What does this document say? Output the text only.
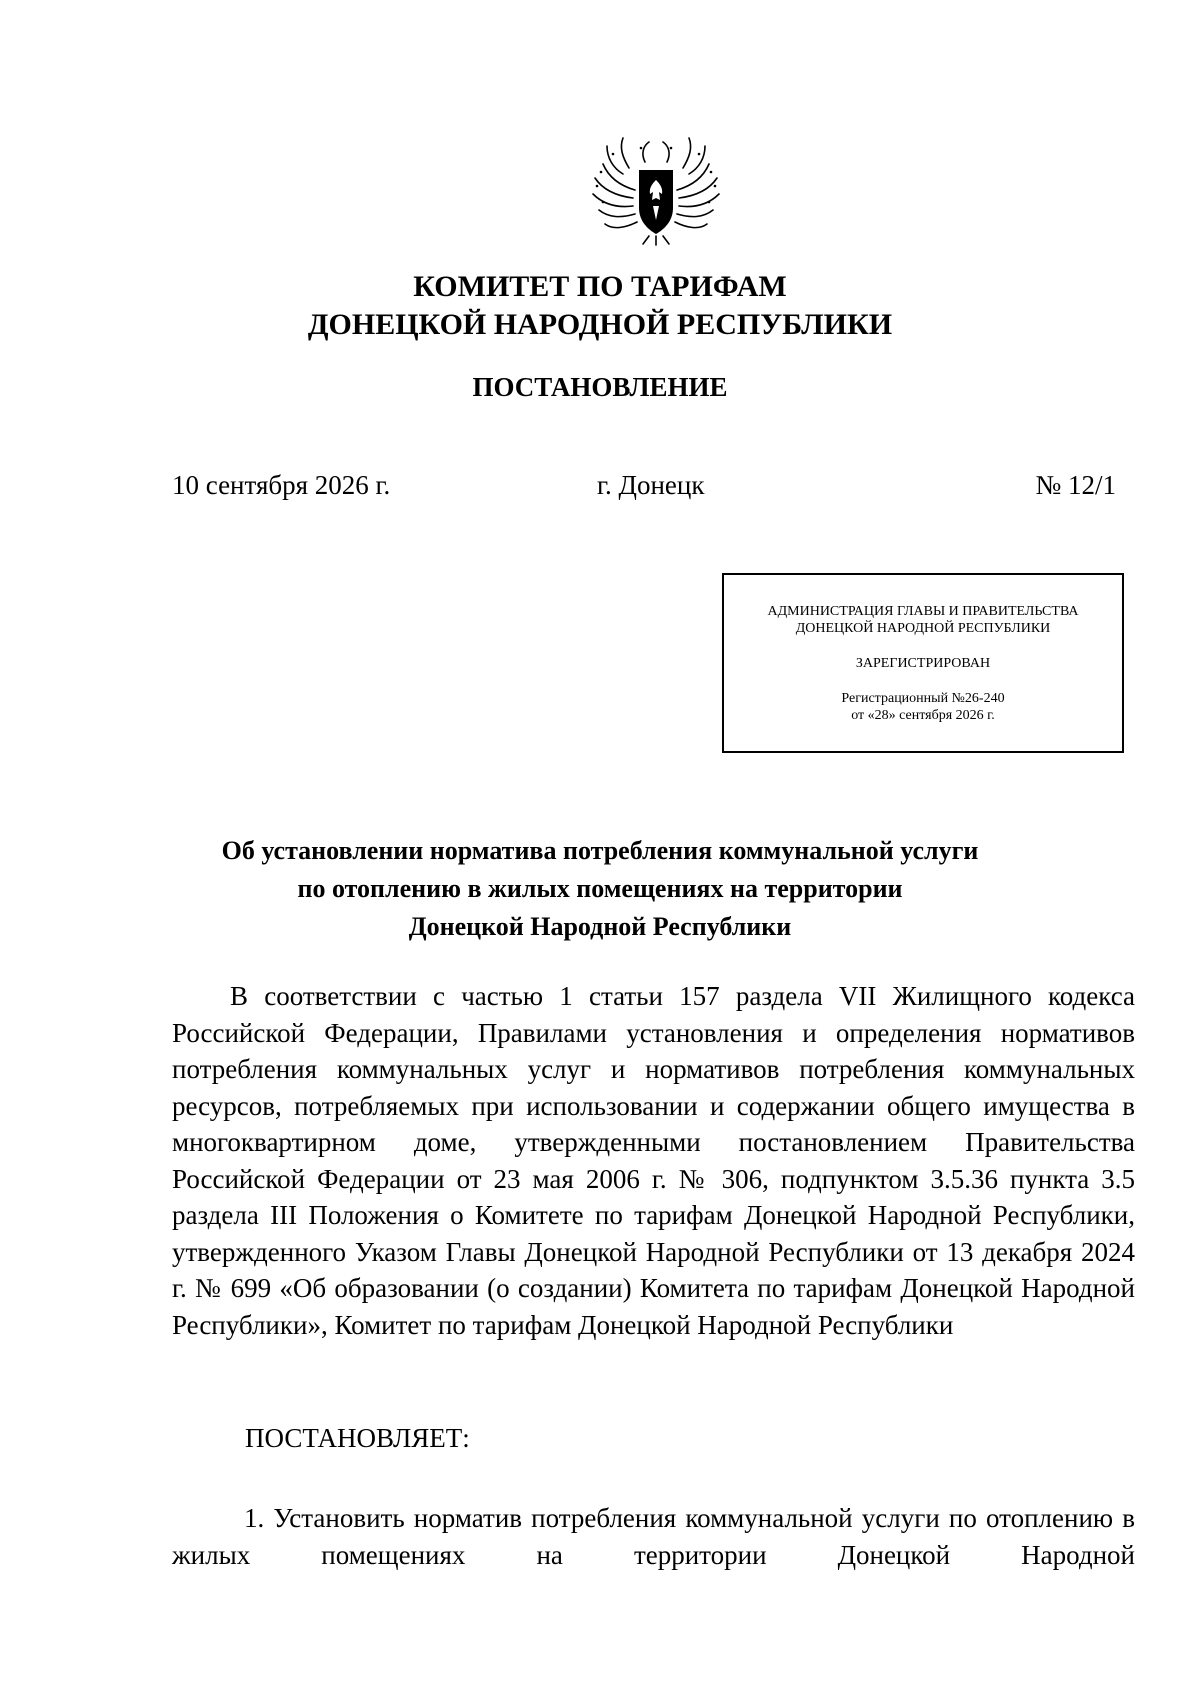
КОМИТЕТ ПО ТАРИФАМ
ДОНЕЦКОЙ НАРОДНОЙ РЕСПУБЛИКИ
ПОСТАНОВЛЕНИЕ
10 сентября 2026 г.	г. Донецк	№ 12/1
АДМИНИСТРАЦИЯ ГЛАВЫ И ПРАВИТЕЛЬСТВА
ДОНЕЦКОЙ НАРОДНОЙ РЕСПУБЛИКИ
ЗАРЕГИСТРИРОВАН
Регистрационный №26-240
от «28» сентября 2026 г.
Об установлении норматива потребления коммунальной услуги
по отоплению в жилых помещениях на территории
Донецкой Народной Республики

В соответствии с частью 1 статьи 157 раздела VII Жилищного кодекса Российской Федерации, Правилами установления и определения нормативов потребления коммунальных услуг и нормативов потребления коммунальных ресурсов, потребляемых при использовании и содержании общего имущества в многоквартирном доме, утвержденными постановлением Правительства Российской Федерации от 23 мая 2006 г. № 306, подпунктом 3.5.36 пункта 3.5 раздела III Положения о Комитете по тарифам Донецкой Народной Республики, утвержденного Указом Главы Донецкой Народной Республики от 13 декабря 2024 г. № 699 «Об образовании (о создании) Комитета по тарифам Донецкой Народной Республики», Комитет по тарифам Донецкой Народной Республики

ПОСТАНОВЛЯЕТ:

1. Установить норматив потребления коммунальной услуги по отоплению в жилых помещениях на территории Донецкой Народной
